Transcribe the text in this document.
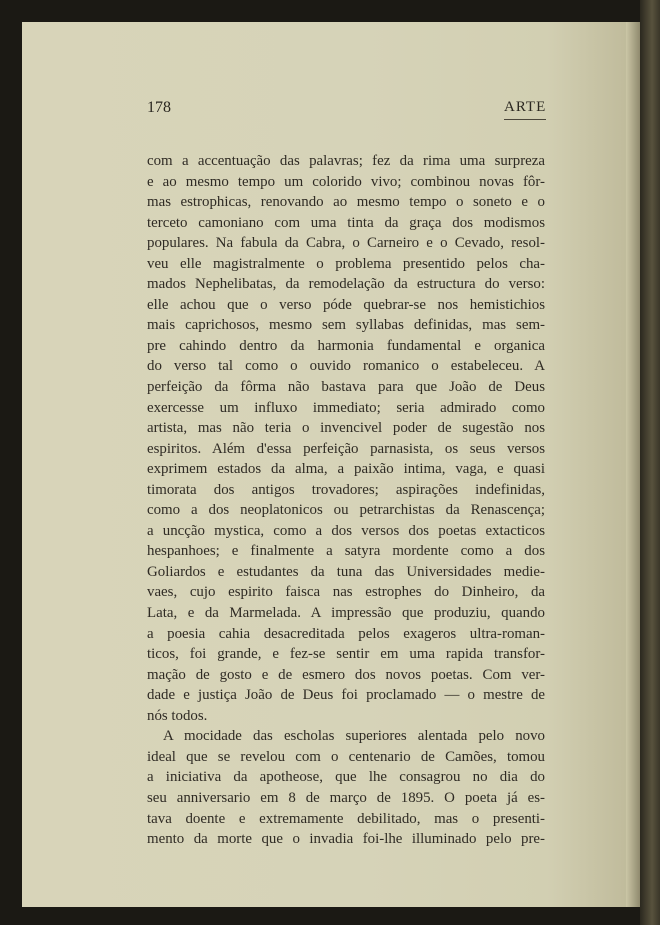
178	ARTE
com a accentuação das palavras; fez da rima uma surpreza
e ao mesmo tempo um colorido vivo; combinou novas fôr-
mas estrophicas, renovando ao mesmo tempo o soneto e o
terceto camoniano com uma tinta da graça dos modismos
populares. Na fabula da Cabra, o Carneiro e o Cevado, resol-
veu elle magistralmente o problema presentido pelos cha-
mados Nephelibatas, da remodelação da estructura do verso:
elle achou que o verso póde quebrar-se nos hemistichios
mais caprichosos, mesmo sem syllabas definidas, mas sem-
pre cahindo dentro da harmonia fundamental e organica
do verso tal como o ouvido romanico o estabeleceu. A
perfeição da fôrma não bastava para que João de Deus
exercesse um influxo immediato; seria admirado como
artista, mas não teria o invencivel poder de sugestão nos
espiritos. Além d'essa perfeição parnasista, os seus versos
exprimem estados da alma, a paixão intima, vaga, e quasi
timorata dos antigos trovadores; aspirações indefinidas,
como a dos neoplatonicos ou petrarchistas da Renascença;
a uncção mystica, como a dos versos dos poetas extacticos
hespanhoes; e finalmente a satyra mordente como a dos
Goliardos e estudantes da tuna das Universidades medie-
vaes, cujo espirito faisca nas estrophes do Dinheiro, da
Lata, e da Marmelada. A impressão que produziu, quando
a poesia cahia desacreditada pelos exageros ultra-roman-
ticos, foi grande, e fez-se sentir em uma rapida transfor-
mação de gosto e de esmero dos novos poetas. Com ver-
dade e justiça João de Deus foi proclamado — o mestre de
nós todos.
A mocidade das escholas superiores alentada pelo novo
ideal que se revelou com o centenario de Camões, tomou
a iniciativa da apotheose, que lhe consagrou no dia do
seu anniversario em 8 de março de 1895. O poeta já es-
tava doente e extremamente debilitado, mas o presenti-
mento da morte que o invadia foi-lhe illuminado pelo pre-
